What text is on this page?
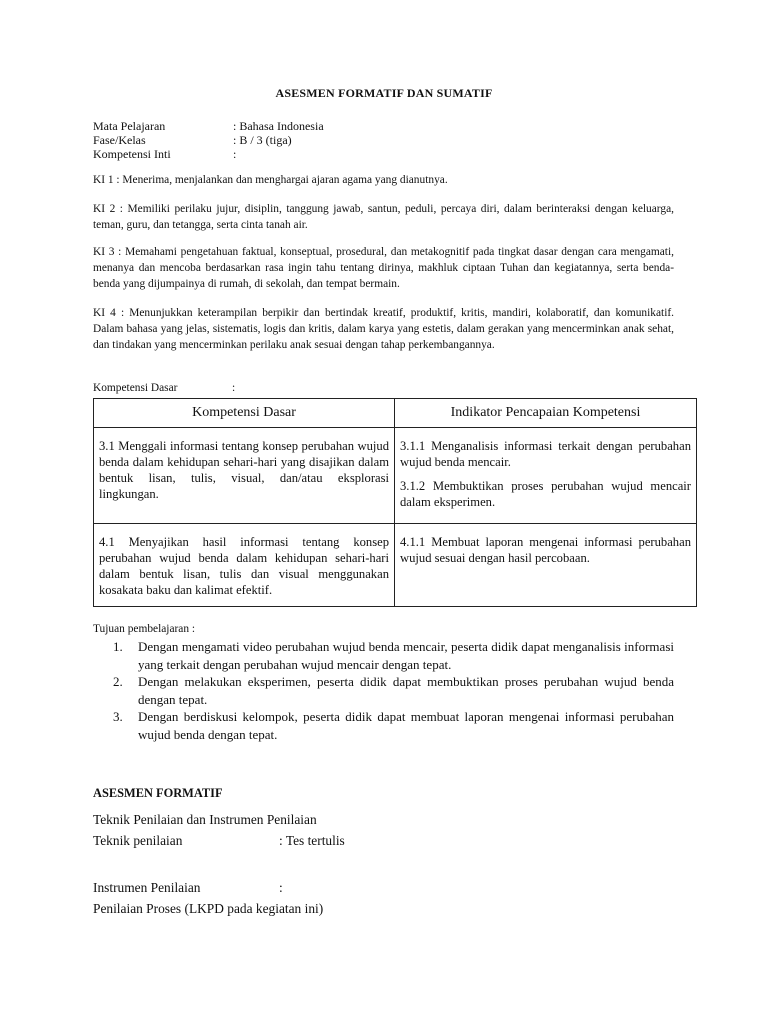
ASESMEN FORMATIF DAN SUMATIF
Mata Pelajaran	: Bahasa Indonesia
Fase/Kelas	: B / 3 (tiga)
Kompetensi Inti	:
KI 1 : Menerima, menjalankan dan menghargai ajaran agama yang dianutnya.
KI 2 : Memiliki perilaku jujur, disiplin, tanggung jawab, santun, peduli, percaya diri, dalam berinteraksi dengan keluarga, teman, guru, dan tetangga, serta cinta tanah air.
KI 3 : Memahami pengetahuan faktual, konseptual, prosedural, dan metakognitif pada tingkat dasar dengan cara mengamati, menanya dan mencoba berdasarkan rasa ingin tahu tentang dirinya, makhluk ciptaan Tuhan dan kegiatannya, serta benda-benda yang dijumpainya di rumah, di sekolah, dan tempat bermain.
KI 4 : Menunjukkan keterampilan berpikir dan bertindak kreatif, produktif, kritis, mandiri, kolaboratif, dan komunikatif. Dalam bahasa yang jelas, sistematis, logis dan kritis, dalam karya yang estetis, dalam gerakan yang mencerminkan anak sehat, dan tindakan yang mencerminkan perilaku anak sesuai dengan tahap perkembangannya.
Kompetensi Dasar	:
Kompetensi Dasar	Indikator Pencapaian Kompetensi

3.1 Menggali informasi tentang konsep perubahan wujud benda dalam kehidupan sehari-hari yang disajikan dalam bentuk lisan, tulis, visual, dan/atau eksplorasi lingkungan.	3.1.1 Menganalisis informasi terkait dengan perubahan wujud benda mencair.

3.1.2 Membuktikan proses perubahan wujud mencair dalam eksperimen.

4.1 Menyajikan hasil informasi tentang konsep perubahan wujud benda dalam kehidupan sehari-hari dalam bentuk lisan, tulis dan visual menggunakan kosakata baku dan kalimat efektif.	4.1.1 Membuat laporan mengenai informasi perubahan wujud sesuai dengan hasil percobaan.

Tujuan pembelajaran :
1. Dengan mengamati video perubahan wujud benda mencair, peserta didik dapat menganalisis informasi yang terkait dengan perubahan wujud mencair dengan tepat.
2. Dengan melakukan eksperimen, peserta didik dapat membuktikan proses perubahan wujud benda dengan tepat.
3. Dengan berdiskusi kelompok, peserta didik dapat membuat laporan mengenai informasi perubahan wujud benda dengan tepat.
ASESMEN FORMATIF
Teknik Penilaian dan Instrumen Penilaian
Teknik penilaian	: Tes tertulis
Instrumen Penilaian	:
Penilaian Proses (LKPD pada kegiatan ini)
